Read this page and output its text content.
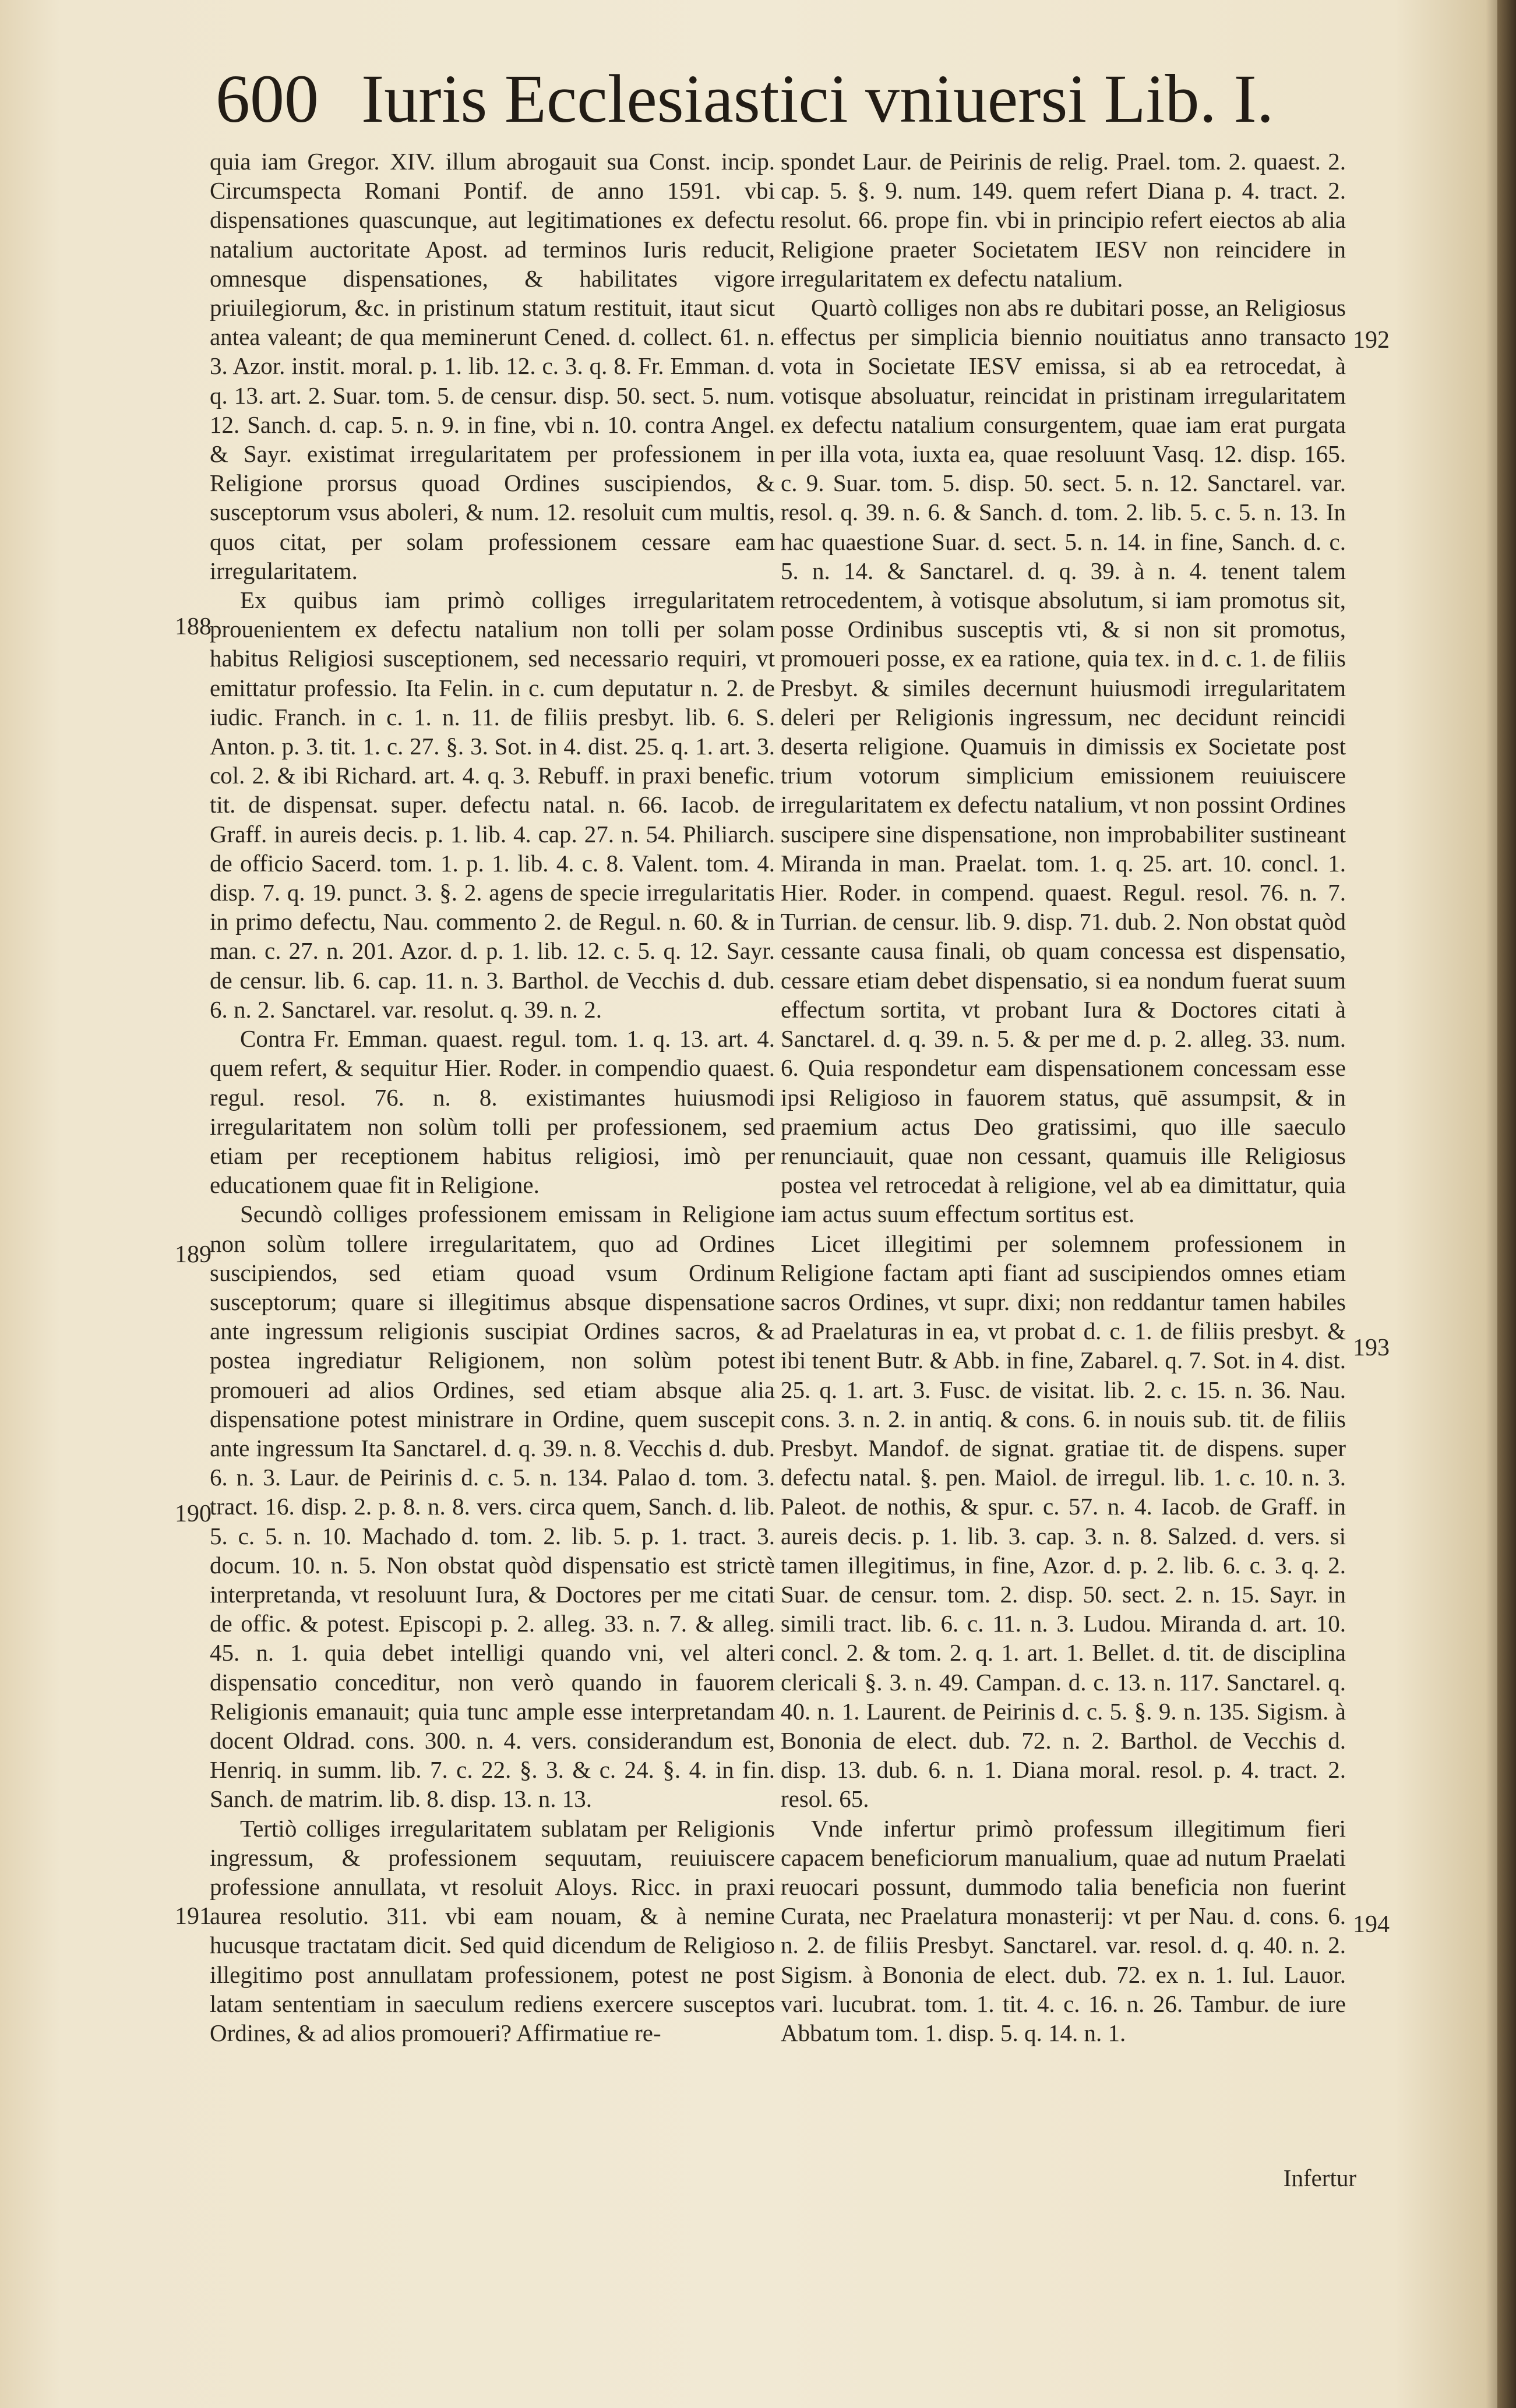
600 Iuris Ecclesiastici vniuersi Lib. I.

quia iam Gregor. XIV. illum abrogauit sua Const. incip. Circumspecta Romani Pontif. de anno 1591. vbi dispensationes quascunque, aut legitimationes ex defectu natalium auctoritate Apost. ad terminos Iuris reducit, omnesque dispensationes, & habilitates vigore priuilegiorum, &c. in pristinum statum restituit, itaut sicut antea valeant; de qua meminerunt Cened. d. collect. 61. n. 3. Azor. instit. moral. p. 1. lib. 12. c. 3. q. 8. Fr. Emman. d. q. 13. art. 2. Suar. tom. 5. de censur. disp. 50. sect. 5. num. 12. Sanch. d. cap. 5. n. 9. in fine, vbi n. 10. contra Angel. & Sayr. existimat irregularitatem per professionem in Religione prorsus quoad Ordines suscipiendos, & susceptorum vsus aboleri, & num. 12. resoluit cum multis, quos citat, per solam professionem cessare eam irregularitatem.

Ex quibus iam primò colliges irregularitatem prouenientem ex defectu natalium non tolli per solam habitus Religiosi susceptionem, sed necessario requiri, vt emittatur professio. Ita Felin. in c. cum deputatur n. 2. de iudic. Franch. in c. 1. n. 11. de filiis presbyt. lib. 6. S. Anton. p. 3. tit. 1. c. 27. §. 3. Sot. in 4. dist. 25. q. 1. art. 3. col. 2. & ibi Richard. art. 4. q. 3. Rebuff. in praxi benefic. tit. de dispensat. super. defectu natal. n. 66. Iacob. de Graff. in aureis decis. p. 1. lib. 4. cap. 27. n. 54. Philiarch. de officio Sacerd. tom. 1. p. 1. lib. 4. c. 8. Valent. tom. 4. disp. 7. q. 19. punct. 3. §. 2. agens de specie irregularitatis in primo defectu, Nau. commento 2. de Regul. n. 60. & in man. c. 27. n. 201. Azor. d. p. 1. lib. 12. c. 5. q. 12. Sayr. de censur. lib. 6. cap. 11. n. 3. Barthol. de Vecchis d. dub. 6. n. 2. Sanctarel. var. resolut. q. 39. n. 2.

Contra Fr. Emman. quaest. regul. tom. 1. q. 13. art. 4. quem refert, & sequitur Hier. Roder. in compendio quaest. regul. resol. 76. n. 8. existimantes huiusmodi irregularitatem non solùm tolli per professionem, sed etiam per receptionem habitus religiosi, imò per educationem quae fit in Religione.

Secundò colliges professionem emissam in Religione non solùm tollere irregularitatem, quo ad Ordines suscipiendos, sed etiam quoad vsum Ordinum susceptorum; quare si illegitimus absque dispensatione ante ingressum religionis suscipiat Ordines sacros, & postea ingrediatur Religionem, non solùm potest promoueri ad alios Ordines, sed etiam absque alia dispensatione potest ministrare in Ordine, quem suscepit ante ingressum Ita Sanctarel. d. q. 39. n. 8. Vecchis d. dub. 6. n. 3. Laur. de Peirinis d. c. 5. n. 134. Palao d. tom. 3. tract. 16. disp. 2. p. 8. n. 8. vers. circa quem, Sanch. d. lib. 5. c. 5. n. 10. Machado d. tom. 2. lib. 5. p. 1. tract. 3. docum. 10. n. 5. Non obstat quòd dispensatio est strictè interpretanda, vt resoluunt Iura, & Doctores per me citati de offic. & potest. Episcopi p. 2. alleg. 33. n. 7. & alleg. 45. n. 1. quia debet intelligi quando vni, vel alteri dispensatio conceditur, non verò quando in fauorem Religionis emanauit; quia tunc ample esse interpretandam docent Oldrad. cons. 300. n. 4. vers. considerandum est, Henriq. in summ. lib. 7. c. 22. §. 3. & c. 24. §. 4. in fin. Sanch. de matrim. lib. 8. disp. 13. n. 13.

Tertiò colliges irregularitatem sublatam per Religionis ingressum, & professionem sequutam, reuiuiscere professione annullata, vt resoluit Aloys. Ricc. in praxi aurea resolutio. 311. vbi eam nouam, & à nemine hucusque tractatam dicit. Sed quid dicendum de Religioso illegitimo post annullatam professionem, potest ne post latam sententiam in saeculum rediens exercere susceptos Ordines, & ad alios promoueri? Affirmatiue re-

spondet Laur. de Peirinis de relig. Prael. tom. 2. quaest. 2. cap. 5. §. 9. num. 149. quem refert Diana p. 4. tract. 2. resolut. 66. prope fin. vbi in principio refert eiectos ab alia Religione praeter Societatem IESV non reincidere in irregularitatem ex defectu natalium.

Quartò colliges non abs re dubitari posse, an Religiosus effectus per simplicia biennio nouitiatus anno transacto vota in Societate IESV emissa, si ab ea retrocedat, à votisque absoluatur, reincidat in pristinam irregularitatem ex defectu natalium consurgentem, quae iam erat purgata per illa vota, iuxta ea, quae resoluunt Vasq. 12. disp. 165. c. 9. Suar. tom. 5. disp. 50. sect. 5. n. 12. Sanctarel. var. resol. q. 39. n. 6. & Sanch. d. tom. 2. lib. 5. c. 5. n. 13. In hac quaestione Suar. d. sect. 5. n. 14. in fine, Sanch. d. c. 5. n. 14. & Sanctarel. d. q. 39. à n. 4. tenent talem retrocedentem, à votisque absolutum, si iam promotus sit, posse Ordinibus susceptis vti, & si non sit promotus, promoueri posse, ex ea ratione, quia tex. in d. c. 1. de filiis Presbyt. & similes decernunt huiusmodi irregularitatem deleri per Religionis ingressum, nec decidunt reincidi deserta religione. Quamuis in dimissis ex Societate post trium votorum simplicium emissionem reuiuiscere irregularitatem ex defectu natalium, vt non possint Ordines suscipere sine dispensatione, non improbabiliter sustineant Miranda in man. Praelat. tom. 1. q. 25. art. 10. concl. 1. Hier. Roder. in compend. quaest. Regul. resol. 76. n. 7. Turrian. de censur. lib. 9. disp. 71. dub. 2. Non obstat quòd cessante causa finali, ob quam concessa est dispensatio, cessare etiam debet dispensatio, si ea nondum fuerat suum effectum sortita, vt probant Iura & Doctores citati à Sanctarel. d. q. 39. n. 5. & per me d. p. 2. alleg. 33. num. 6. Quia respondetur eam dispensationem concessam esse ipsi Religioso in fauorem status, quē assumpsit, & in praemium actus Deo gratissimi, quo ille saeculo renunciauit, quae non cessant, quamuis ille Religiosus postea vel retrocedat à religione, vel ab ea dimittatur, quia iam actus suum effectum sortitus est.

Licet illegitimi per solemnem professionem in Religione factam apti fiant ad suscipiendos omnes etiam sacros Ordines, vt supr. dixi; non reddantur tamen habiles ad Praelaturas in ea, vt probat d. c. 1. de filiis presbyt. & ibi tenent Butr. & Abb. in fine, Zabarel. q. 7. Sot. in 4. dist. 25. q. 1. art. 3. Fusc. de visitat. lib. 2. c. 15. n. 36. Nau. cons. 3. n. 2. in antiq. & cons. 6. in nouis sub. tit. de filiis Presbyt. Mandof. de signat. gratiae tit. de dispens. super defectu natal. §. pen. Maiol. de irregul. lib. 1. c. 10. n. 3. Paleot. de nothis, & spur. c. 57. n. 4. Iacob. de Graff. in aureis decis. p. 1. lib. 3. cap. 3. n. 8. Salzed. d. vers. si tamen illegitimus, in fine, Azor. d. p. 2. lib. 6. c. 3. q. 2. Suar. de censur. tom. 2. disp. 50. sect. 2. n. 15. Sayr. in simili tract. lib. 6. c. 11. n. 3. Ludou. Miranda d. art. 10. concl. 2. & tom. 2. q. 1. art. 1. Bellet. d. tit. de disciplina clericali §. 3. n. 49. Campan. d. c. 13. n. 117. Sanctarel. q. 40. n. 1. Laurent. de Peirinis d. c. 5. §. 9. n. 135. Sigism. à Bononia de elect. dub. 72. n. 2. Barthol. de Vecchis d. disp. 13. dub. 6. n. 1. Diana moral. resol. p. 4. tract. 2. resol. 65.

Vnde infertur primò professum illegitimum fieri capacem beneficiorum manualium, quae ad nutum Praelati reuocari possunt, dummodo talia beneficia non fuerint Curata, nec Praelatura monasterij: vt per Nau. d. cons. 6. n. 2. de filiis Presbyt. Sanctarel. var. resol. d. q. 40. n. 2. Sigism. à Bononia de elect. dub. 72. ex n. 1. Iul. Lauor. vari. lucubrat. tom. 1. tit. 4. c. 16. n. 26. Tambur. de iure Abbatum tom. 1. disp. 5. q. 14. n. 1.

188
189
190
191
192
193
194
Infertur
